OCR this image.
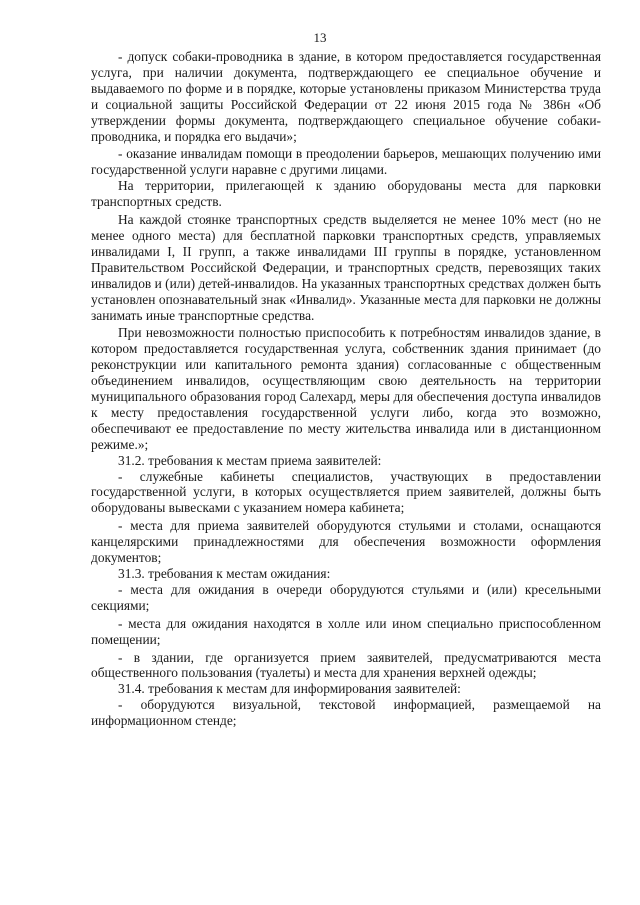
13

- допуск собаки-проводника в здание, в котором предоставляется государственная услуга, при наличии документа, подтверждающего ее специальное обучение и выдаваемого по форме и в порядке, которые установлены приказом Министерства труда и социальной защиты Российской Федерации от 22 июня 2015 года № 386н «Об утверждении формы документа, подтверждающего специальное обучение собаки-проводника, и порядка его выдачи»;

- оказание инвалидам помощи в преодолении барьеров, мешающих получению ими государственной услуги наравне с другими лицами.

На территории, прилегающей к зданию оборудованы места для парковки транспортных средств.

На каждой стоянке транспортных средств выделяется не менее 10% мест (но не менее одного места) для бесплатной парковки транспортных средств, управляемых инвалидами I, II групп, а также инвалидами III группы в порядке, установленном Правительством Российской Федерации, и транспортных средств, перевозящих таких инвалидов и (или) детей-инвалидов. На указанных транспортных средствах должен быть установлен опознавательный знак «Инвалид». Указанные места для парковки не должны занимать иные транспортные средства.

При невозможности полностью приспособить к потребностям инвалидов здание, в котором предоставляется государственная услуга, собственник здания принимает (до реконструкции или капитального ремонта здания) согласованные с общественным объединением инвалидов, осуществляющим свою деятельность на территории муниципального образования город Салехард, меры для обеспечения доступа инвалидов к месту предоставления государственной услуги либо, когда это возможно, обеспечивают ее предоставление по месту жительства инвалида или в дистанционном режиме.»;

31.2. требования к местам приема заявителей:

- служебные кабинеты специалистов, участвующих в предоставлении государственной услуги, в которых осуществляется прием заявителей, должны быть оборудованы вывесками с указанием номера кабинета;

- места для приема заявителей оборудуются стульями и столами, оснащаются канцелярскими принадлежностями для обеспечения возможности оформления документов;

31.3. требования к местам ожидания:

- места для ожидания в очереди оборудуются стульями и (или) кресельными секциями;

- места для ожидания находятся в холле или ином специально приспособленном помещении;

- в здании, где организуется прием заявителей, предусматриваются места общественного пользования (туалеты) и места для хранения верхней одежды;

31.4. требования к местам для информирования заявителей:

- оборудуются визуальной, текстовой информацией, размещаемой на информационном стенде;
